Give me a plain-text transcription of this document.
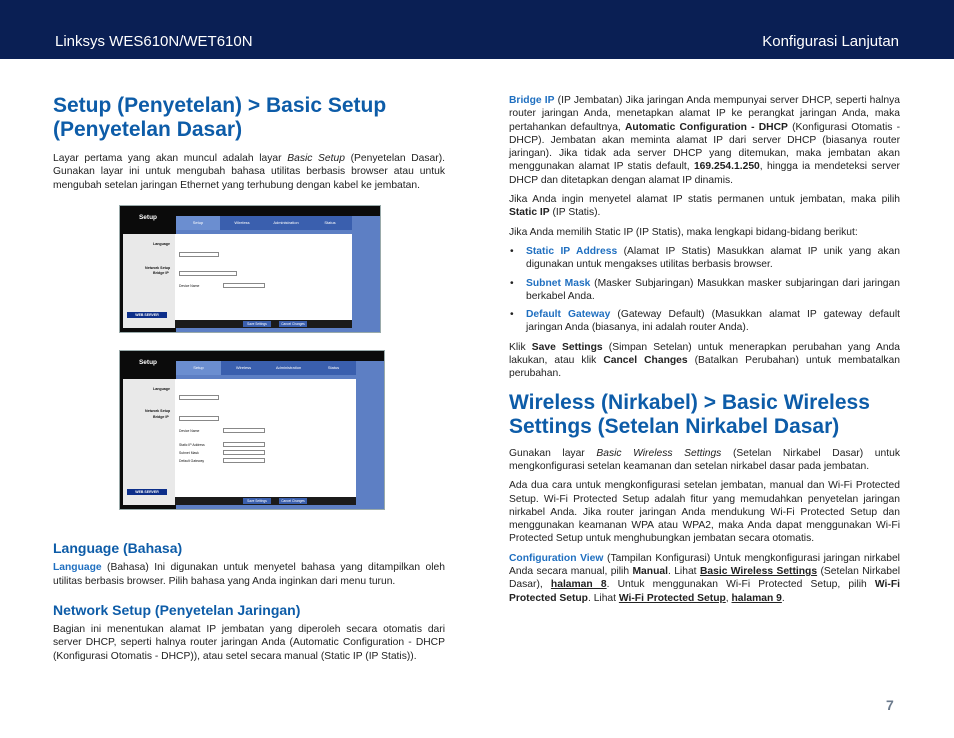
Linksys WES610N/WET610N	Konfigurasi Lanjutan
Setup (Penyetelan) > Basic Setup (Penyetelan Dasar)

Layar pertama yang akan muncul adalah layar Basic Setup (Penyetelan Dasar). Gunakan layar ini untuk mengubah bahasa utilitas berbasis browser atau untuk mengubah setelan jaringan Ethernet yang terhubung dengan kabel ke jembatan.

Setup
Setup	Wireless	Administration	Status
Language
Network Setup
Bridge IP
WEB SERVER
Device Name
Save Settings	Cancel Changes
Setup
Setup	Wireless	Administration	Status
Language
Network Setup
Bridge IP
WEB SERVER
Device Name
Static IP Address
Subnet Mask
Default Gateway
Save Settings	Cancel Changes
Language (Bahasa)

Language (Bahasa) Ini digunakan untuk menyetel bahasa yang ditampilkan oleh utilitas berbasis browser. Pilih bahasa yang Anda inginkan dari menu turun.

Network Setup (Penyetelan Jaringan)

Bagian ini menentukan alamat IP jembatan yang diperoleh secara otomatis dari server DHCP, seperti halnya router jaringan Anda (Automatic Configuration - DHCP (Konfigurasi Otomatis - DHCP)), atau setel secara manual (Static IP (IP Statis)).

Bridge IP (IP Jembatan) Jika jaringan Anda mempunyai server DHCP, seperti halnya router jaringan Anda, menetapkan alamat IP ke perangkat jaringan Anda, maka pertahankan defaultnya, Automatic Configuration - DHCP (Konfigurasi Otomatis - DHCP). Jembatan akan meminta alamat IP dari server DHCP (biasanya router jaringan). Jika tidak ada server DHCP yang ditemukan, maka jembatan akan menggunakan alamat IP statis default, 169.254.1.250, hingga ia mendeteksi server DHCP dan ditetapkan dengan alamat IP dinamis.

Jika Anda ingin menyetel alamat IP statis permanen untuk jembatan, maka pilih Static IP (IP Statis).

Jika Anda memilih Static IP (IP Statis), maka lengkapi bidang-bidang berikut:

• Static IP Address (Alamat IP Statis) Masukkan alamat IP unik yang akan digunakan untuk mengakses utilitas berbasis browser.
• Subnet Mask (Masker Subjaringan) Masukkan masker subjaringan dari jaringan berkabel Anda.
• Default Gateway (Gateway Default) (Masukkan alamat IP gateway default jaringan Anda (biasanya, ini adalah router Anda).

Klik Save Settings (Simpan Setelan) untuk menerapkan perubahan yang Anda lakukan, atau klik Cancel Changes (Batalkan Perubahan) untuk membatalkan perubahan.

Wireless (Nirkabel) > Basic Wireless Settings (Setelan Nirkabel Dasar)

Gunakan layar Basic Wireless Settings (Setelan Nirkabel Dasar) untuk mengkonfigurasi setelan keamanan dan setelan nirkabel dasar pada jembatan.

Ada dua cara untuk mengkonfigurasi setelan jembatan, manual dan Wi-Fi Protected Setup. Wi-Fi Protected Setup adalah fitur yang memudahkan penyetelan jaringan nirkabel Anda. Jika router jaringan Anda mendukung Wi-Fi Protected Setup dan menggunakan keamanan WPA atau WPA2, maka Anda dapat menggunakan Wi-Fi Protected Setup untuk menghubungkan jembatan secara otomatis.

Configuration View (Tampilan Konfigurasi) Untuk mengkonfigurasi jaringan nirkabel Anda secara manual, pilih Manual. Lihat Basic Wireless Settings (Setelan Nirkabel Dasar), halaman 8. Untuk menggunakan Wi-Fi Protected Setup, pilih Wi-Fi Protected Setup. Lihat Wi-Fi Protected Setup, halaman 9.

7
